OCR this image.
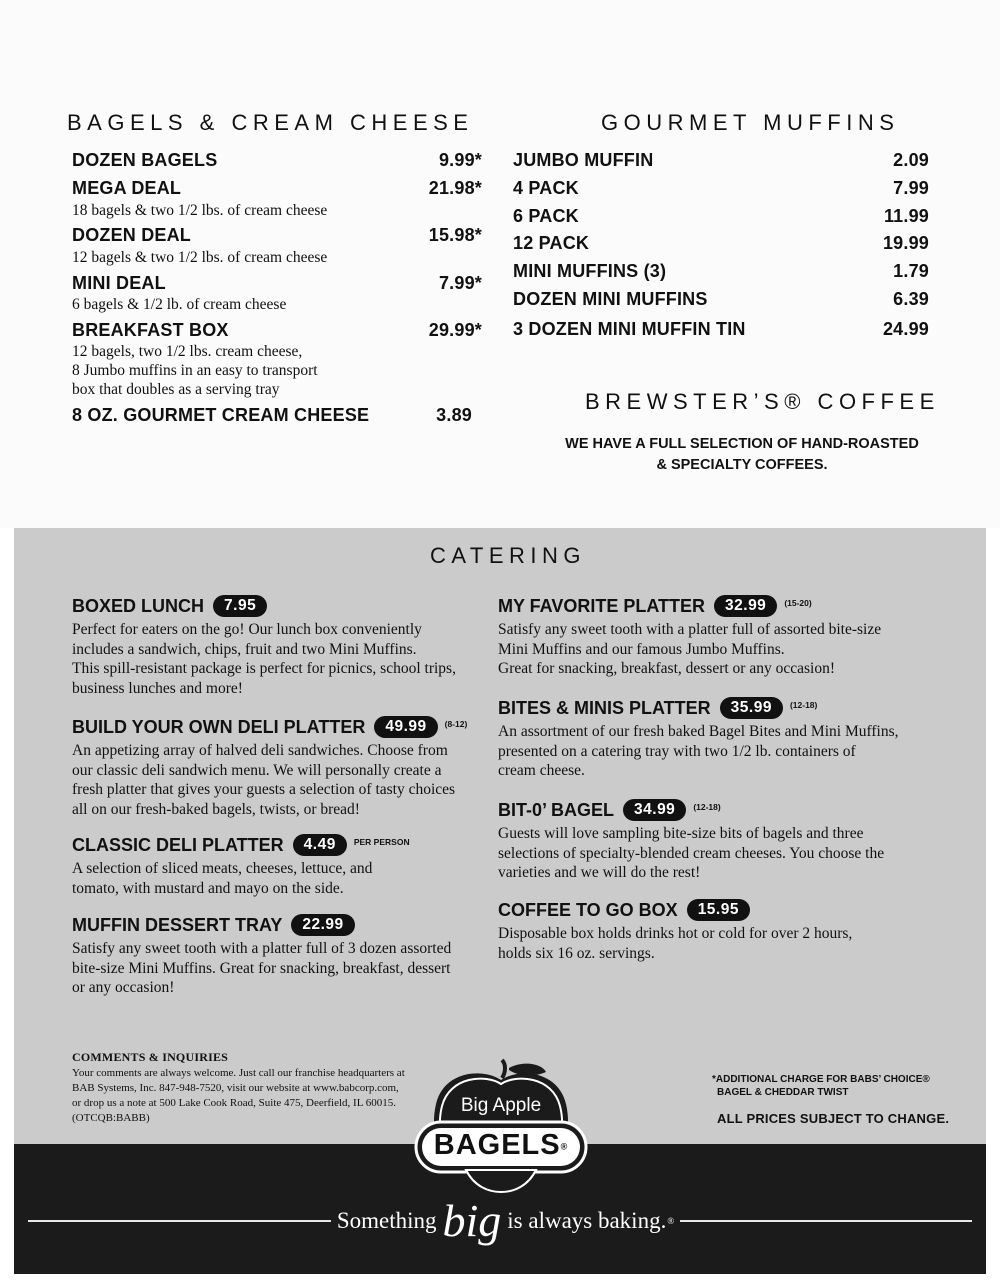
BAGELS & CREAM CHEESE
DOZEN BAGELS	9.99*
MEGA DEAL	21.98*
18 bagels & two 1/2 lbs. of cream cheese
DOZEN DEAL	15.98*
12 bagels & two 1/2 lbs. of cream cheese
MINI DEAL	7.99*
6 bagels & 1/2 lb. of cream cheese
BREAKFAST BOX	29.99*
12 bagels, two 1/2 lbs. cream cheese,
8 Jumbo muffins in an easy to transport
box that doubles as a serving tray
8 OZ. GOURMET CREAM CHEESE	3.89
GOURMET MUFFINS
JUMBO MUFFIN	2.09
4 PACK	7.99
6 PACK	11.99
12 PACK	19.99
MINI MUFFINS (3)	1.79
DOZEN MINI MUFFINS	6.39
3 DOZEN MINI MUFFIN TIN	24.99
BREWSTER’S® COFFEE
WE HAVE A FULL SELECTION OF HAND-ROASTED
& SPECIALTY COFFEES.
CATERING
BOXED LUNCH	7.95
Perfect for eaters on the go! Our lunch box conveniently
includes a sandwich, chips, fruit and two Mini Muffins.
This spill-resistant package is perfect for picnics, school trips,
business lunches and more!
BUILD YOUR OWN DELI PLATTER	49.99	(8-12)
An appetizing array of halved deli sandwiches. Choose from
our classic deli sandwich menu. We will personally create a
fresh platter that gives your guests a selection of tasty choices
all on our fresh-baked bagels, twists, or bread!
CLASSIC DELI PLATTER	4.49	PER PERSON
A selection of sliced meats, cheeses, lettuce, and
tomato, with mustard and mayo on the side.
MUFFIN DESSERT TRAY	22.99
Satisfy any sweet tooth with a platter full of 3 dozen assorted
bite-size Mini Muffins. Great for snacking, breakfast, dessert
or any occasion!
MY FAVORITE PLATTER	32.99	(15-20)
Satisfy any sweet tooth with a platter full of assorted bite-size
Mini Muffins and our famous Jumbo Muffins.
Great for snacking, breakfast, dessert or any occasion!
BITES & MINIS PLATTER	35.99	(12-18)
An assortment of our fresh baked Bagel Bites and Mini Muffins,
presented on a catering tray with two 1/2 lb. containers of
cream cheese.
BIT-0’ BAGEL	34.99	(12-18)
Guests will love sampling bite-size bits of bagels and three
selections of specialty-blended cream cheeses. You choose the
varieties and we will do the rest!
COFFEE TO GO BOX	15.95
Disposable box holds drinks hot or cold for over 2 hours,
holds six 16 oz. servings.
COMMENTS & INQUIRIES
Your comments are always welcome. Just call our franchise headquarters at
BAB Systems, Inc. 847-948-7520, visit our website at www.babcorp.com,
or drop us a note at 500 Lake Cook Road, Suite 475, Deerfield, IL 60015.
(OTCQB:BABB)
*ADDITIONAL CHARGE FOR BABS’ CHOICE®
BAGEL & CHEDDAR TWIST
ALL PRICES SUBJECT TO CHANGE.
Big Apple
BAGELS®
Something big is always baking. ®
